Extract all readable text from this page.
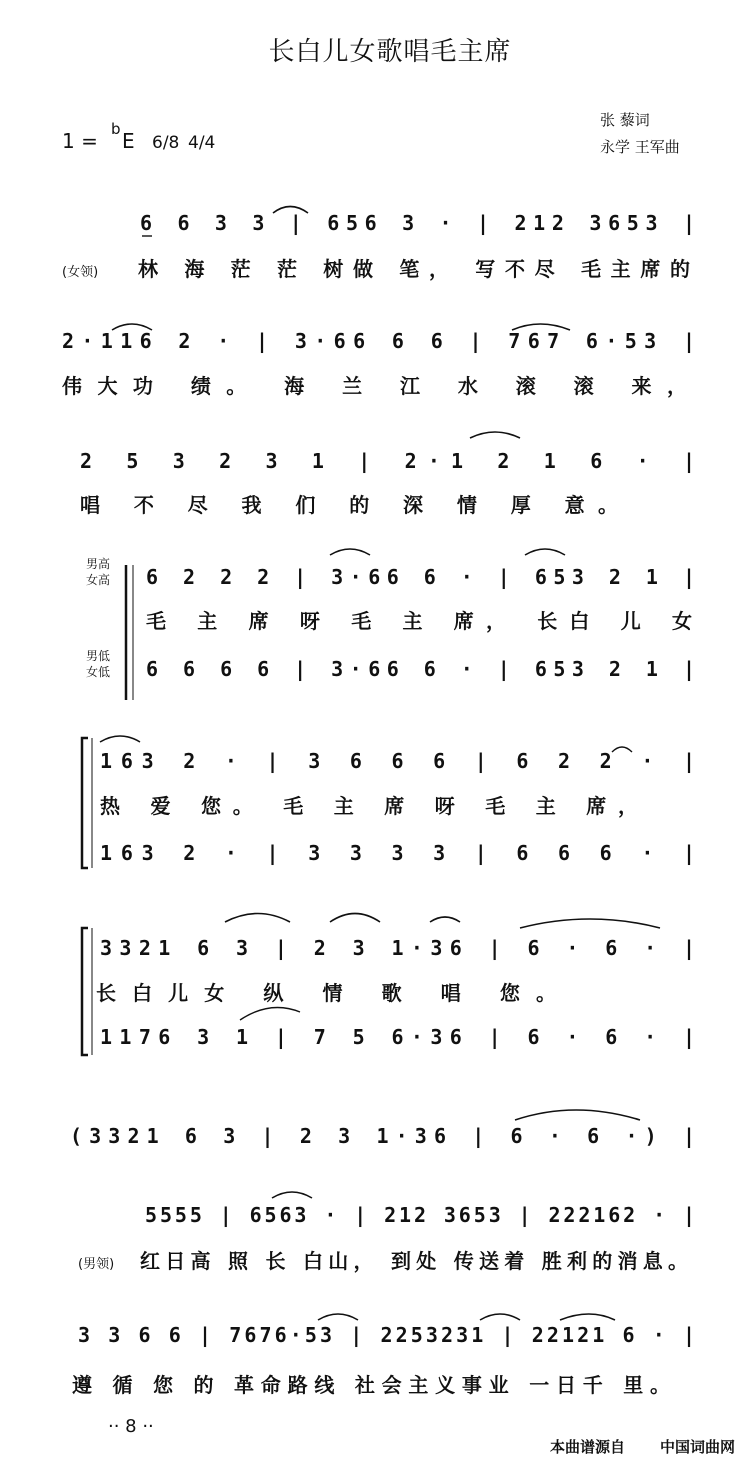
长白儿女歌唱毛主席
1 = b E 6/8 4/4
张 藜词
永学 王军曲
6 6 3 3 | 656 3 · | 212 3653 |
(女领) 林 海 茫 茫 树做 笔， 写不尽 毛主席的
2·116 2 · | 3·66 6 6 | 767 6·53 |
伟大功 绩。 海 兰 江 水 滚 滚 来，
2 5 3 2 3 1 | 2·1 2 1 6 · |
唱 不 尽 我 们 的 深 情 厚 意。
男高
女高 6 2 2 2 | 3·66 6 · | 653 2 1 |
毛 主 席 呀 毛 主 席， 长白 儿 女
男低
女低 6 6 6 6 | 3·66 6 · | 653 2 1 |
163 2 · | 3 6 6 6 | 6 2 2 · |
热 爱 您。 毛 主 席 呀 毛 主 席，
163 2 · | 3 3 3 3 | 6 6 6 · |
3321 6 3 | 2 3 1·36 | 6 · 6 · |
长白儿女 纵 情 歌 唱 您。
1176 3 1 | 7 5 6·36 | 6 · 6 · |
(3321 6 3 | 2 3 1·36 | 6 · 6 ·) |
5555 | 6563 · | 212 3653 | 222162 · |
(男领) 红日高 照 长 白山， 到处 传送着 胜利的消息。
3 3 6 6 | 7676·53 | 2253231 | 22121 6 · |
遵 循 您 的 革命路线 社会主义事业 一日千 里。
·· 8 ··
本曲谱源自 中国词曲网
